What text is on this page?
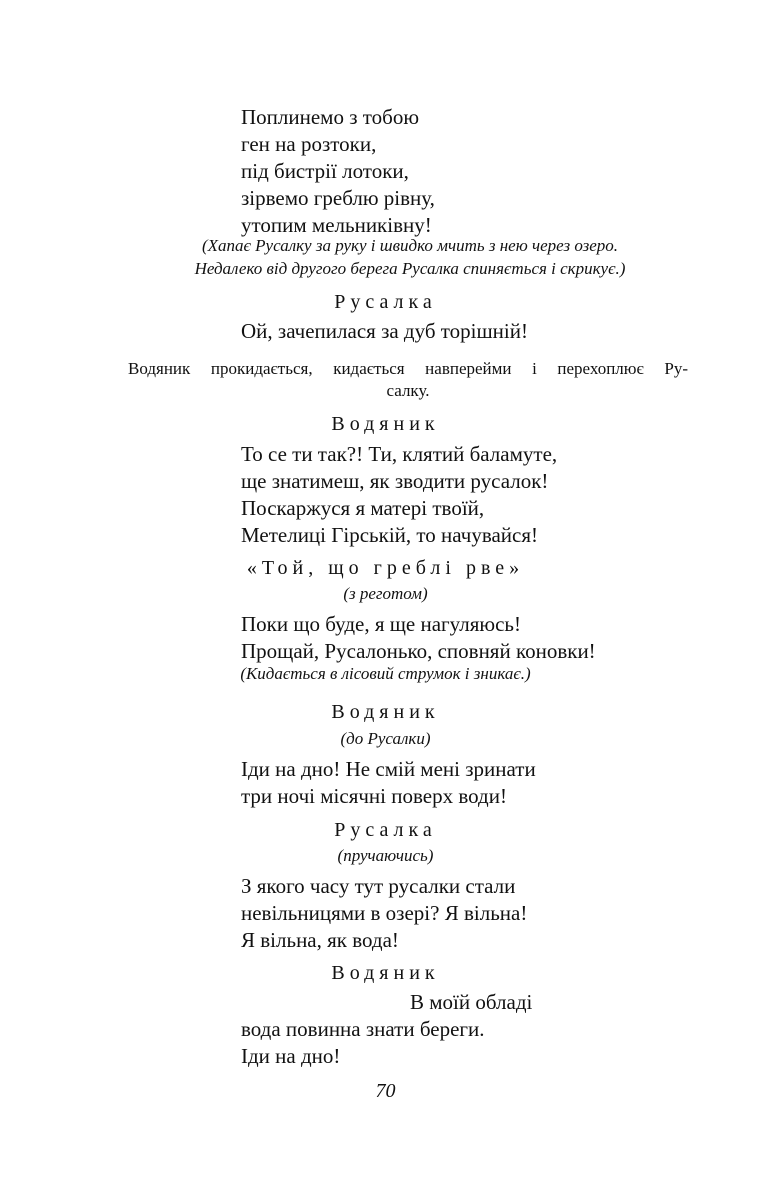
Поплинемо з тобою
ген на розтоки,
під бистрії лотоки,
зірвемо греблю рівну,
утопим мельниківну!
(Хапає Русалку за руку і швидко мчить з нею через озеро.
Недалеко від другого берега Русалка спиняється і скрикує.)
Русалка
Ой, зачепилася за дуб торішній!
Водяник прокидається, кидається навперейми і перехоплює Ру-
салку.
Водяник
То се ти так?! Ти, клятий баламуте,
ще знатимеш, як зводити русалок!
Поскаржуся я матері твоїй,
Метелиці Гірській, то начувайся!
«Той, що греблі рве»
(з реготом)
Поки що буде, я ще нагуляюсь!
Прощай, Русалонько, сповняй коновки!
(Кидається в лісовий струмок і зникає.)
Водяник
(до Русалки)
Іди на дно! Не смій мені зринати
три ночі місячні поверх води!
Русалка
(пручаючись)
З якого часу тут русалки стали
невільницями в озері? Я вільна!
Я вільна, як вода!
Водяник
В моїй обладі
вода повинна знати береги.
Іди на дно!
70
